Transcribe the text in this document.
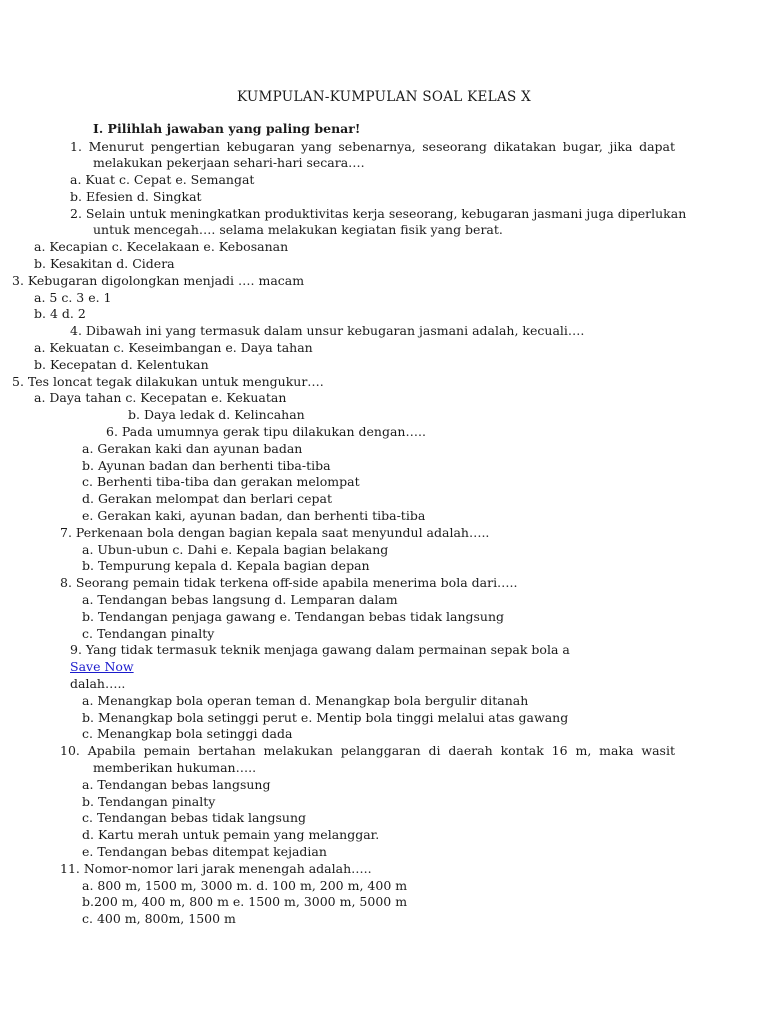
KUMPULAN-KUMPULAN SOAL KELAS X
I. Pilihlah jawaban yang paling benar!
1. Menurut pengertian kebugaran yang sebenarnya, seseorang dikatakan bugar, jika dapat
melakukan pekerjaan sehari-hari secara….
a. Kuat c. Cepat e. Semangat
b. Efesien d. Singkat
2. Selain untuk meningkatkan produktivitas kerja seseorang, kebugaran jasmani juga diperlukan
untuk mencegah…. selama melakukan kegiatan fisik yang berat.
a. Kecapian c. Kecelakaan e. Kebosanan
b. Kesakitan d. Cidera
3. Kebugaran digolongkan menjadi …. macam
a. 5 c. 3 e. 1
b. 4 d. 2
4. Dibawah ini yang termasuk dalam unsur kebugaran jasmani adalah, kecuali….
a. Kekuatan c. Keseimbangan e. Daya tahan
b. Kecepatan d. Kelentukan
5. Tes loncat tegak dilakukan untuk mengukur….
a. Daya tahan c. Kecepatan e. Kekuatan
b. Daya ledak d. Kelincahan
6. Pada umumnya gerak tipu dilakukan dengan…..
a. Gerakan kaki dan ayunan badan
b. Ayunan badan dan berhenti tiba-tiba
c. Berhenti tiba-tiba dan gerakan melompat
d. Gerakan melompat dan berlari cepat
e. Gerakan kaki, ayunan badan, dan berhenti tiba-tiba
7. Perkenaan bola dengan bagian kepala saat menyundul adalah…..
a. Ubun-ubun c. Dahi e. Kepala bagian belakang
b. Tempurung kepala d. Kepala bagian depan
8. Seorang pemain tidak terkena off-side apabila menerima bola dari…..
a. Tendangan bebas langsung d. Lemparan dalam
b. Tendangan penjaga gawang e. Tendangan bebas tidak langsung
c. Tendangan pinalty
9. Yang tidak termasuk teknik menjaga gawang dalam permainan sepak bola a
Save Now
dalah…..
a. Menangkap bola operan teman d. Menangkap bola bergulir ditanah
b. Menangkap bola setinggi perut e. Mentip bola tinggi melalui atas gawang
c. Menangkap bola setinggi dada
10. Apabila pemain bertahan melakukan pelanggaran di daerah kontak 16 m, maka wasit
memberikan hukuman…..
a. Tendangan bebas langsung
b. Tendangan pinalty
c. Tendangan bebas tidak langsung
d. Kartu merah untuk pemain yang melanggar.
e. Tendangan bebas ditempat kejadian
11. Nomor-nomor lari jarak menengah adalah…..
a. 800 m, 1500 m, 3000 m. d. 100 m, 200 m, 400 m
b.200 m, 400 m, 800 m e. 1500 m, 3000 m, 5000 m
c. 400 m, 800m, 1500 m
